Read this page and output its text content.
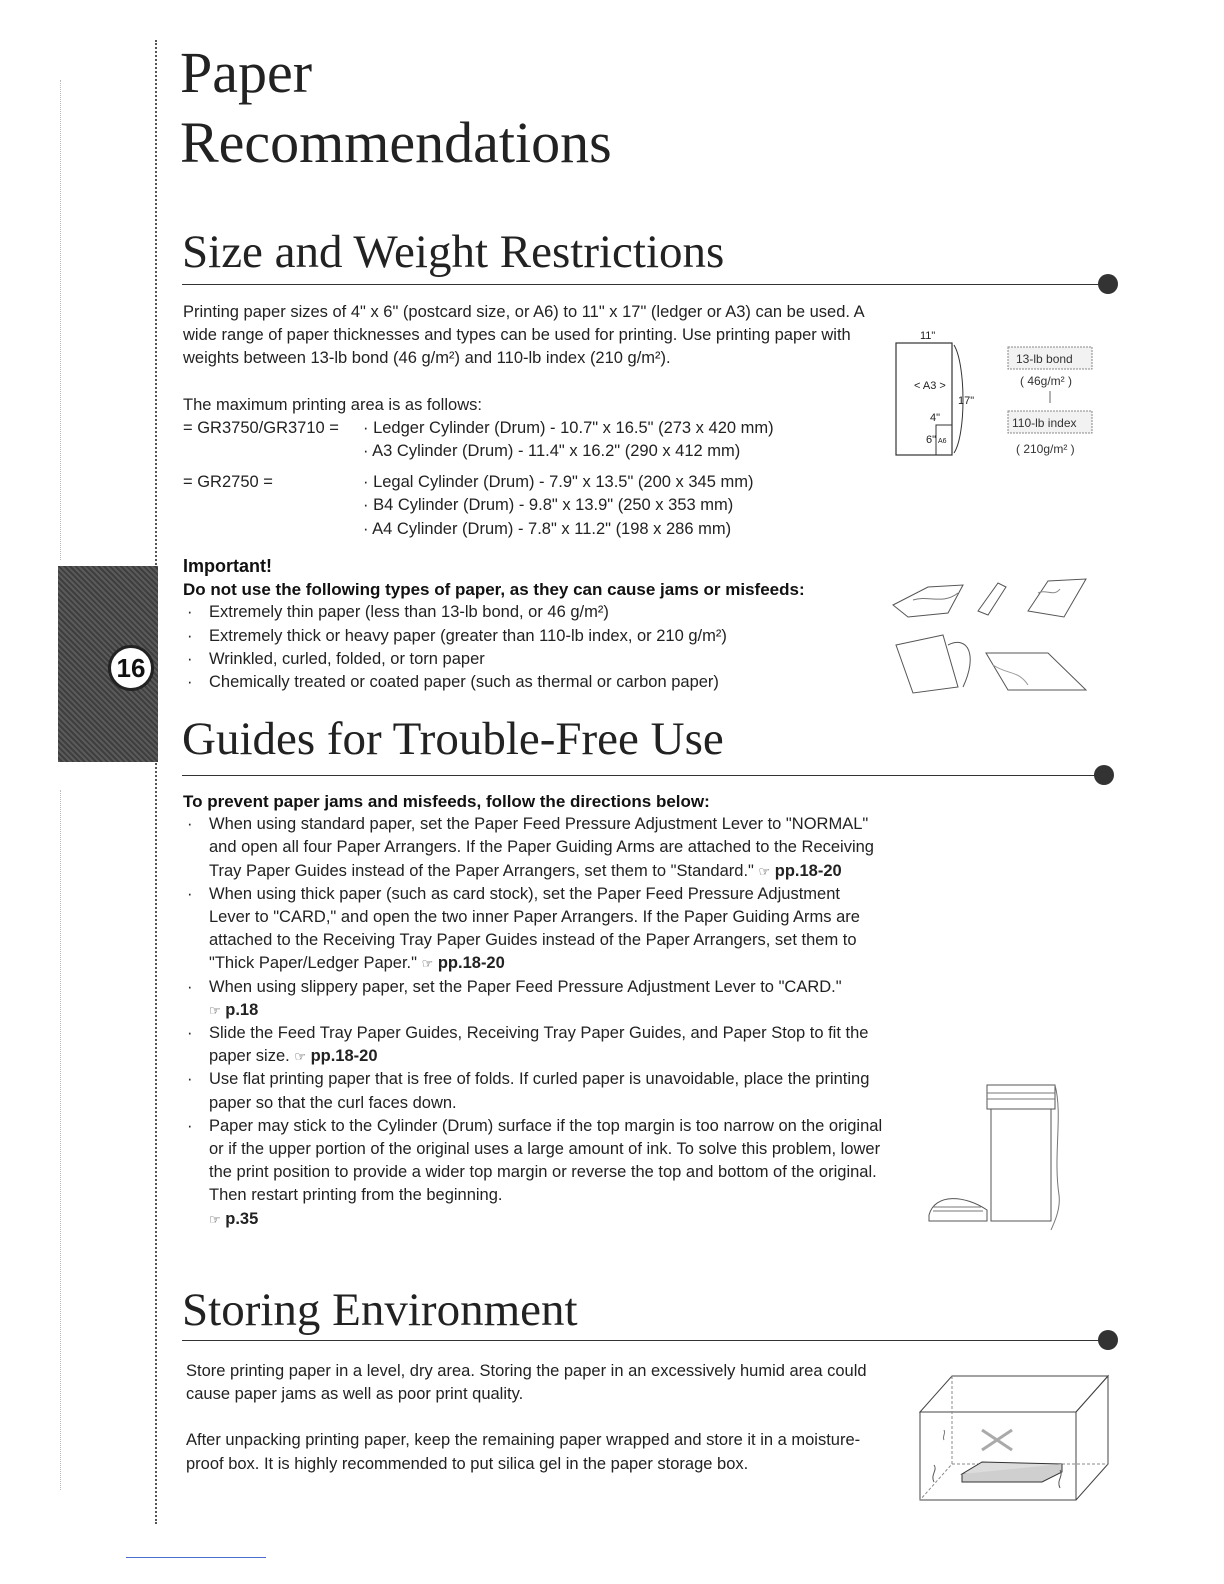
16
Paper
Recommendations
Size and Weight Restrictions

Printing paper sizes of 4" x 6" (postcard size, or A6) to 11" x 17" (ledger or A3) can be used. A wide range of paper thicknesses and types can be used for printing. Use printing paper with weights between 13-lb bond (46 g/m²) and 110-lb index (210 g/m²).

The maximum printing area is as follows:

= GR3750/GR3710 =	· Ledger Cylinder (Drum) - 10.7" x 16.5" (273 x 420 mm)
· A3 Cylinder (Drum) - 11.4" x 16.2" (290 x 412 mm)
= GR2750 =	· Legal Cylinder (Drum) - 7.9" x 13.5" (200 x 345 mm)
· B4 Cylinder (Drum) - 9.8" x 13.9" (250 x 353 mm)
· A4 Cylinder (Drum) - 7.8" x 11.2" (198 x 286 mm)
11"
17"
< A3 >
4"
6" A6
13-lb bond
( 46g/m² )
110-lb index
( 210g/m² )

Important!

Do not use the following types of paper, as they can cause jams or misfeeds:

· Extremely thin paper (less than 13-lb bond, or 46 g/m²)
· Extremely thick or heavy paper (greater than 110-lb index, or 210 g/m²)
· Wrinkled, curled, folded, or torn paper
· Chemically treated or coated paper (such as thermal or carbon paper)
Guides for Trouble-Free Use

To prevent paper jams and misfeeds, follow the directions below:

· When using standard paper, set the Paper Feed Pressure Adjustment Lever to "NORMAL" and open all four Paper Arrangers. If the Paper Guiding Arms are attached to the Receiving Tray Paper Guides instead of the Paper Arrangers, set them to "Standard." ☞ pp.18-20
· When using thick paper (such as card stock), set the Paper Feed Pressure Adjustment Lever to "CARD," and open the two inner Paper Arrangers. If the Paper Guiding Arms are attached to the Receiving Tray Paper Guides instead of the Paper Arrangers, set them to "Thick Paper/Ledger Paper." ☞ pp.18-20
· When using slippery paper, set the Paper Feed Pressure Adjustment Lever to "CARD." ☞ p.18
· Slide the Feed Tray Paper Guides, Receiving Tray Paper Guides, and Paper Stop to fit the paper size. ☞ pp.18-20
· Use flat printing paper that is free of folds. If curled paper is unavoidable, place the printing paper so that the curl faces down.
· Paper may stick to the Cylinder (Drum) surface if the top margin is too narrow on the original or if the upper portion of the original uses a large amount of ink. To solve this problem, lower the print position to provide a wider top margin or reverse the top and bottom of the original. Then restart printing from the beginning.
☞ p.35
Storing Environment

Store printing paper in a level, dry area. Storing the paper in an excessively humid area could cause paper jams as well as poor print quality.

After unpacking printing paper, keep the remaining paper wrapped and store it in a moisture-proof box. It is highly recommended to put silica gel in the paper storage box.
